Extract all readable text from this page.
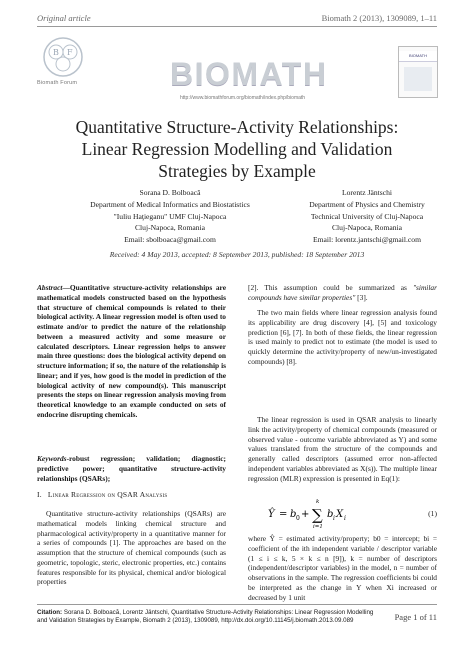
Original article	Biomath 2 (2013), 1309089, 1–11
B F
Biomath Forum	BIOMATH
http://www.biomathforum.org/biomath/index.php/biomath
BIOMATH
Quantitative Structure-Activity Relationships:
Linear Regression Modelling and Validation
Strategies by Example
Sorana D. Bolboacă
Department of Medical Informatics and Biostatistics
"Iuliu Haţieganu" UMF Cluj-Napoca
Cluj-Napoca, Romania
Email: sbolboaca@gmail.com
Lorentz Jäntschi
Department of Physics and Chemistry
Technical University of Cluj-Napoca
Cluj-Napoca, Romania
Email: lorentz.jantschi@gmail.com
Received: 4 May 2013, accepted: 8 September 2013, published: 18 September 2013
Abstract—Quantitative structure-activity relationships are mathematical models constructed based on the hypothesis that structure of chemical compounds is related to their biological activity. A linear regression model is often used to estimate and/or to predict the nature of the relationship between a measured activity and some measure or calculated descriptors. Linear regression helps to answer main three questions: does the biological activity depend on structure information; if so, the nature of the relationship is linear; and if yes, how good is the model in prediction of the biological activity of new compound(s). This manuscript presents the steps on linear regression analysis moving from theoretical knowledge to an example conducted on sets of endocrine disrupting chemicals.
Keywords-robust regression; validation; diagnostic; predictive power; quantitative structure-activity relationships (QSARs);
I. Linear Regression on QSAR Analysis
Quantitative structure-activity relationships (QSARs) are mathematical models linking chemical structure and pharmacological activity/property in a quantitative manner for a series of compounds [1]. The approaches are based on the assumption that the structure of chemical compounds (such as geometric, topologic, steric, electronic properties, etc.) contains features responsible for its physical, chemical and/or biological properties
[2]. This assumption could be summarized as "similar compounds have similar properties" [3].
The two main fields where linear regression analysis found its applicability are drug discovery [4], [5] and toxicology prediction [6], [7]. In both of these fields, the linear regression is used mainly to predict not to estimate (the model is used to quickly determine the activity/property of new/un-investigated compounds) [8].
The linear regression is used in QSAR analysis to linearly link the activity/property of chemical compounds (measured or observed value - outcome variable abbreviated as Y) and some values translated from the structure of the compounds and generally called descriptors (assumed error non-affected independent variables abbreviated as X(s)). The multiple linear regression (MLR) expression is presented in Eq(1):
Ŷ = b 0 + ∑
k
i=1
b i X i
(1)
where Ŷ = estimated activity/property; b0 = intercept; bi = coefficient of the ith independent variable / descriptor variable (1 ≤ i ≤ k, 5 × k ≤ n [9]), k = number of descriptors (independent/descriptor variables) in the model, n = number of observations in the sample. The regression coefficients bi could be interpreted as the change in Y when Xi increased or decreased by 1 unit
Citation: Sorana D. Bolboacă, Lorentz Jäntschi, Quantitative Structure-Activity Relationships: Linear Regression Modelling and Validation Strategies by Example, Biomath 2 (2013), 1309089, http://dx.doi.org/10.11145/j.biomath.2013.09.089	Page 1 of 11
